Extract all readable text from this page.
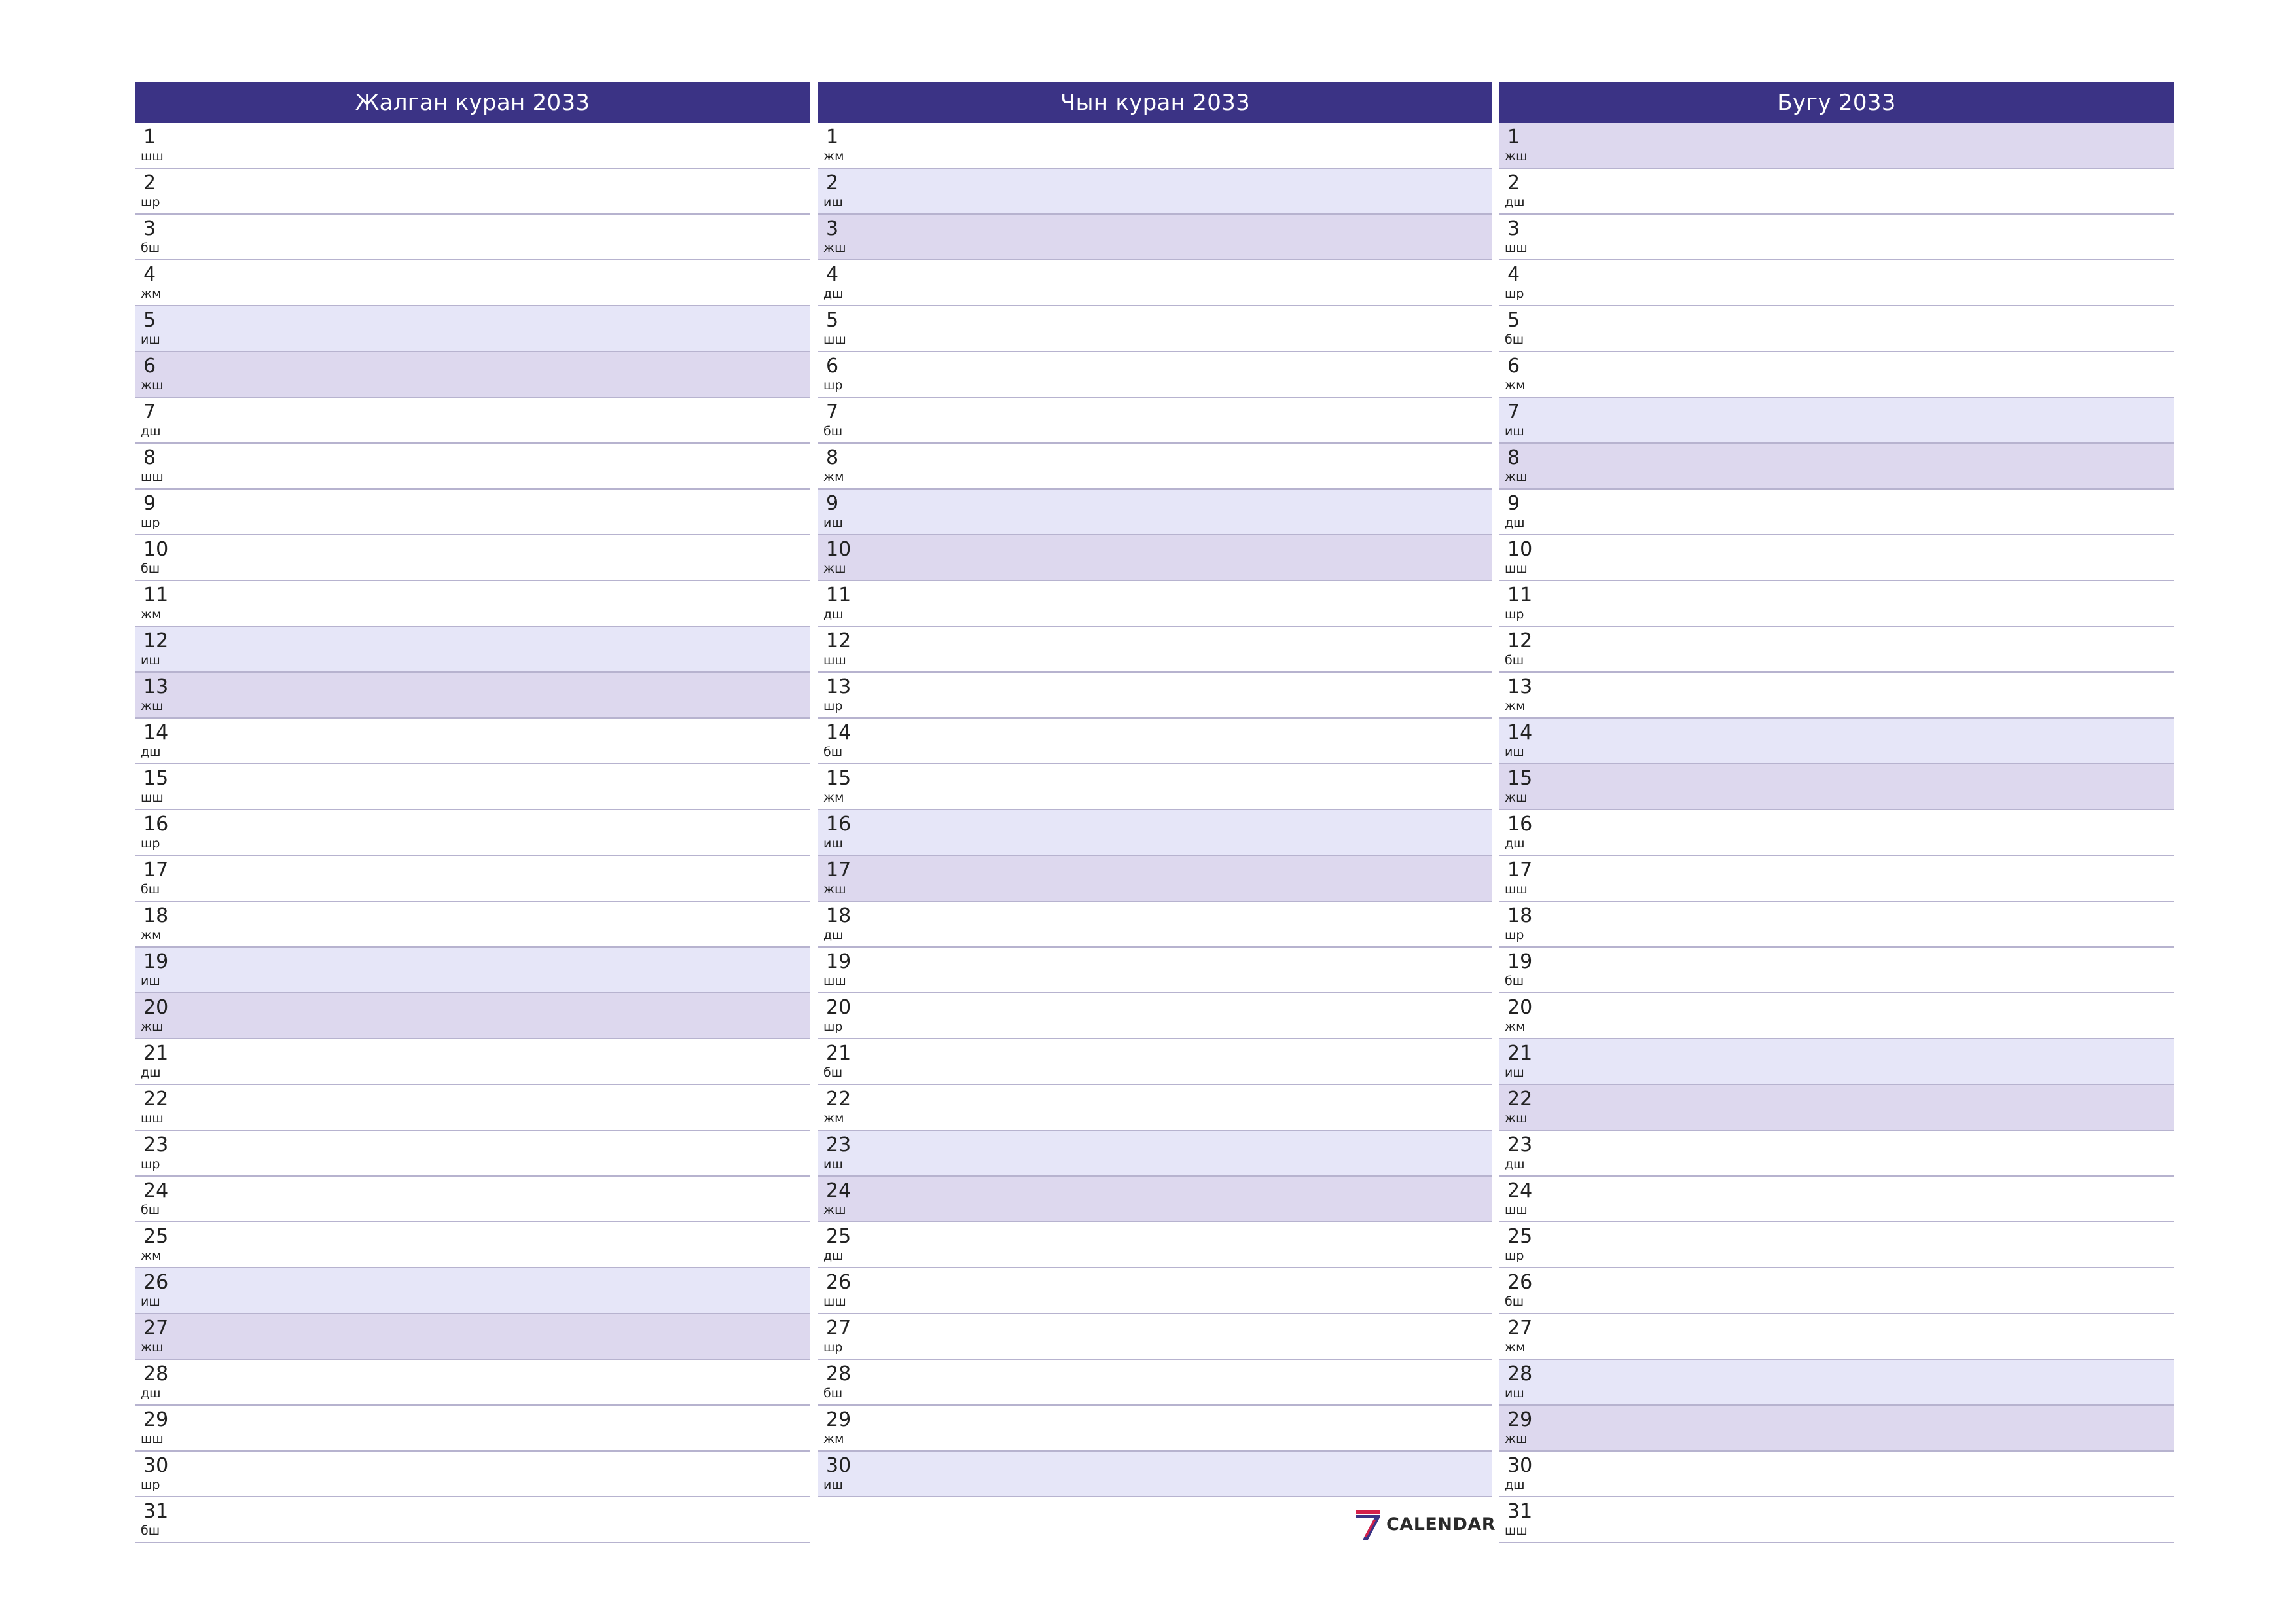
Жалган куран 2033
1
шш
2
шр
3
бш
4
жм
5
иш
6
жш
7
дш
8
шш
9
шр
10
бш
11
жм
12
иш
13
жш
14
дш
15
шш
16
шр
17
бш
18
жм
19
иш
20
жш
21
дш
22
шш
23
шр
24
бш
25
жм
26
иш
27
жш
28
дш
29
шш
30
шр
31
бш
Чын куран 2033
1
жм
2
иш
3
жш
4
дш
5
шш
6
шр
7
бш
8
жм
9
иш
10
жш
11
дш
12
шш
13
шр
14
бш
15
жм
16
иш
17
жш
18
дш
19
шш
20
шр
21
бш
22
жм
23
иш
24
жш
25
дш
26
шш
27
шр
28
бш
29
жм
30
иш
Бугу 2033
1
жш
2
дш
3
шш
4
шр
5
бш
6
жм
7
иш
8
жш
9
дш
10
шш
11
шр
12
бш
13
жм
14
иш
15
жш
16
дш
17
шш
18
шр
19
бш
20
жм
21
иш
22
жш
23
дш
24
шш
25
шр
26
бш
27
жм
28
иш
29
жш
30
дш
31
шш
CALENDAR
